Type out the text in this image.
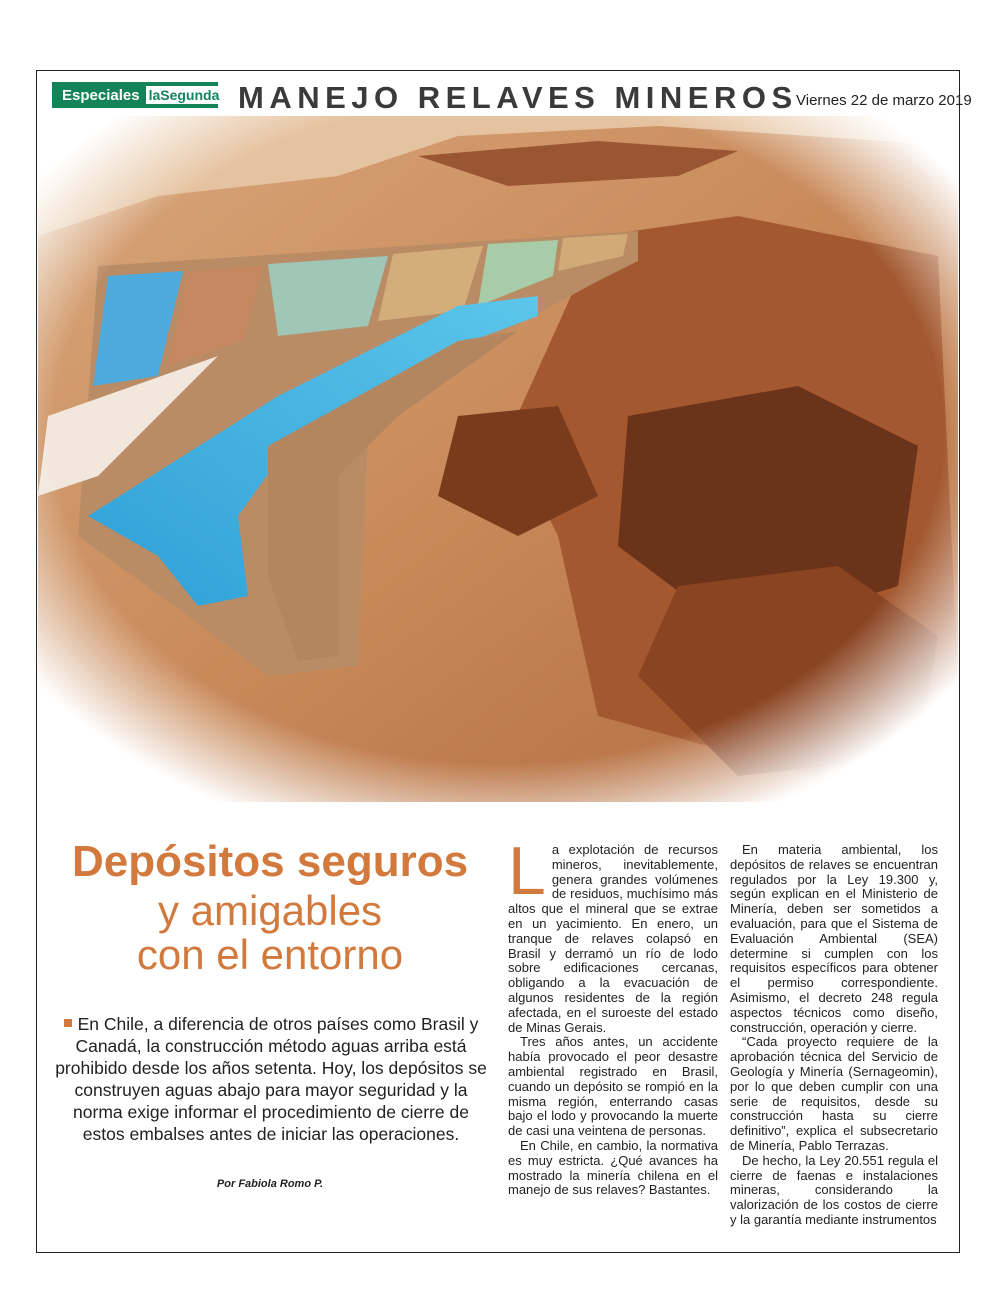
Especiales laSegunda MANEJO RELAVES MINEROS
Viernes 22 de marzo 2019
Depósitos seguros
y amigables
con el entorno
En Chile, a diferencia de otros países como Brasil y Canadá, la construcción método aguas arriba está prohibido desde los años setenta. Hoy, los depósitos se construyen aguas abajo para mayor seguridad y la norma exige informar el procedimiento de cierre de estos embalses antes de iniciar las operaciones.
Por Fabiola Romo P.

La explotación de recursos mineros, inevitablemente, genera grandes volúmenes de residuos, muchísimo más altos que el mineral que se extrae en un yacimiento. En enero, un tranque de relaves colapsó en Brasil y derramó un río de lodo sobre edificaciones cercanas, obligando a la evacuación de algunos residentes de la región afectada, en el suroeste del estado de Minas Gerais.

Tres años antes, un accidente había provocado el peor desastre ambiental registrado en Brasil, cuando un depósito se rompió en la misma región, enterrando casas bajo el lodo y provocando la muerte de casi una veintena de personas.

En Chile, en cambio, la normativa es muy estricta. ¿Qué avances ha mostrado la minería chilena en el manejo de sus relaves? Bastantes.

En materia ambiental, los depósitos de relaves se encuentran regulados por la Ley 19.300 y, según explican en el Ministerio de Minería, deben ser sometidos a evaluación, para que el Sistema de Evaluación Ambiental (SEA) determine si cumplen con los requisitos específicos para obtener el permiso correspondiente. Asimismo, el decreto 248 regula aspectos técnicos como diseño, construcción, operación y cierre.

“Cada proyecto requiere de la aprobación técnica del Servicio de Geología y Minería (Sernageomin), por lo que deben cumplir con una serie de requisitos, desde su construcción hasta su cierre definitivo”, explica el subsecretario de Minería, Pablo Terrazas.

De hecho, la Ley 20.551 regula el cierre de faenas e instalaciones mineras, considerando la valorización de los costos de cierre y la garantía mediante instrumentos
